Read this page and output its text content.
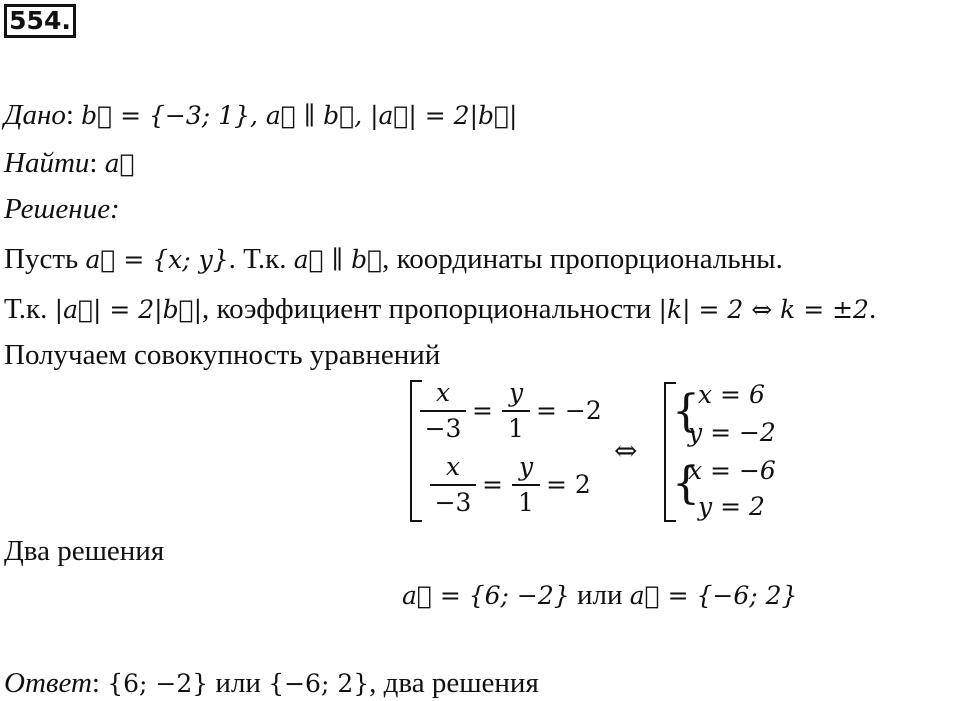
554.
Дано: b⃗ = {−3; 1}, a⃗ ∥ b⃗, |a⃗| = 2|b⃗|
Найти: a⃗
Решение:
Пусть a⃗ = {x; y}. Т.к. a⃗ ∥ b⃗, координаты пропорциональны.
Т.к. |a⃗| = 2|b⃗|, коэффициент пропорциональности |k| = 2 ⇔ k = ±2.
Получаем совокупность уравнений
x
−3
=
y
1
= −2
x
−3
=
y
1
= 2
⇔
{
{
x = 6
y = −2
x = −6
y = 2
Два решения
a⃗ = {6; −2} или a⃗ = {−6; 2}
Ответ: {6; −2} или {−6; 2}, два решения
